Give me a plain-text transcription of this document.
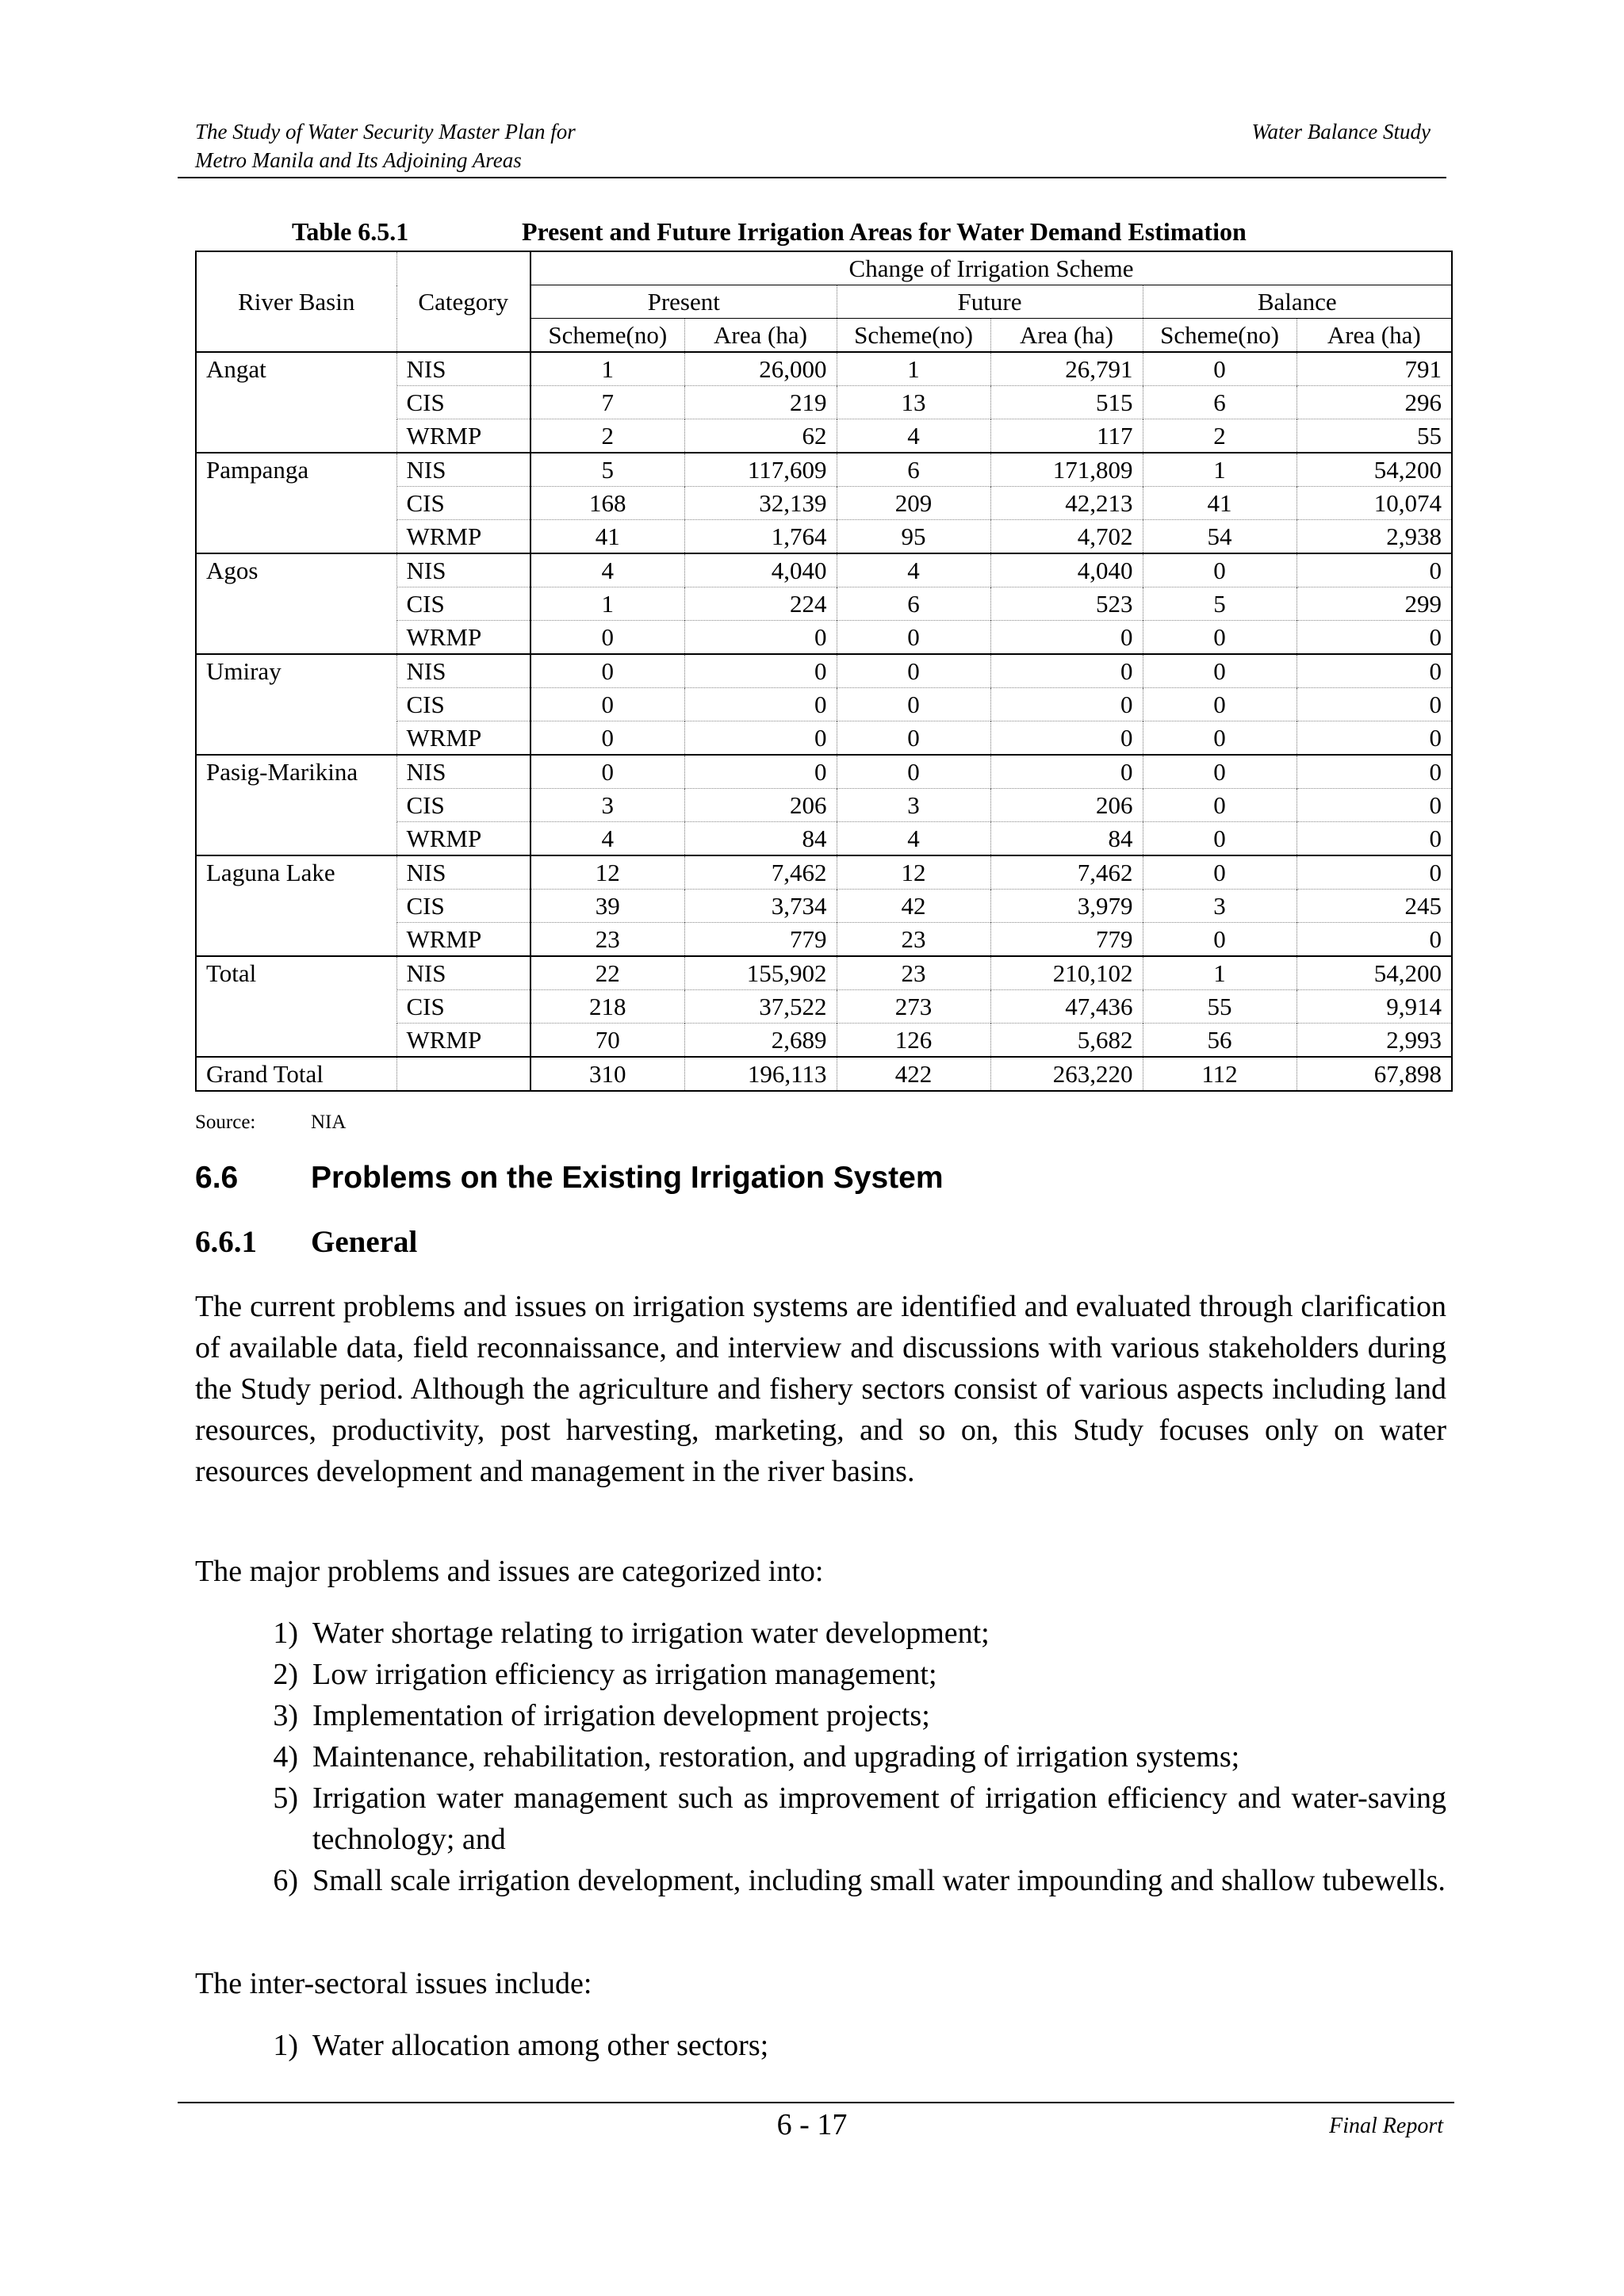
The Study of Water Security Master Plan for
Metro Manila and Its Adjoining Areas
Water Balance Study
Table 6.5.1	Present and Future Irrigation Areas for Water Demand Estimation
River Basin	Category	Change of Irrigation Scheme					
		Present		Future		Balance	
		Scheme(no)	Area (ha)	Scheme(no)	Area (ha)	Scheme(no)	Area (ha)
Angat	NIS	1	26,000	1	26,791	0	791
	CIS	7	219	13	515	6	296
	WRMP	2	62	4	117	2	55
Pampanga	NIS	5	117,609	6	171,809	1	54,200
	CIS	168	32,139	209	42,213	41	10,074
	WRMP	41	1,764	95	4,702	54	2,938
Agos	NIS	4	4,040	4	4,040	0	0
	CIS	1	224	6	523	5	299
	WRMP	0	0	0	0	0	0
Umiray	NIS	0	0	0	0	0	0
	CIS	0	0	0	0	0	0
	WRMP	0	0	0	0	0	0
Pasig-Marikina	NIS	0	0	0	0	0	0
	CIS	3	206	3	206	0	0
	WRMP	4	84	4	84	0	0
Laguna Lake	NIS	12	7,462	12	7,462	0	0
	CIS	39	3,734	42	3,979	3	245
	WRMP	23	779	23	779	0	0
Total	NIS	22	155,902	23	210,102	1	54,200
	CIS	218	37,522	273	47,436	55	9,914
	WRMP	70	2,689	126	5,682	56	2,993
Grand Total		310	196,113	422	263,220	112	67,898
Source:	NIA
6.6 Problems on the Existing Irrigation System
6.6.1 General

The current problems and issues on irrigation systems are identified and evaluated through clarification of available data, field reconnaissance, and interview and discussions with various stakeholders during the Study period. Although the agriculture and fishery sectors consist of various aspects including land resources, productivity, post harvesting, marketing, and so on, this Study focuses only on water resources development and management in the river basins.

The major problems and issues are categorized into:

1) Water shortage relating to irrigation water development;
2) Low irrigation efficiency as irrigation management;
3) Implementation of irrigation development projects;
4) Maintenance, rehabilitation, restoration, and upgrading of irrigation systems;
5) Irrigation water management such as improvement of irrigation efficiency and water-saving technology; and
6) Small scale irrigation development, including small water impounding and shallow tubewells.

The inter-sectoral issues include:

1) Water allocation among other sectors;
6 - 17	Final Report
